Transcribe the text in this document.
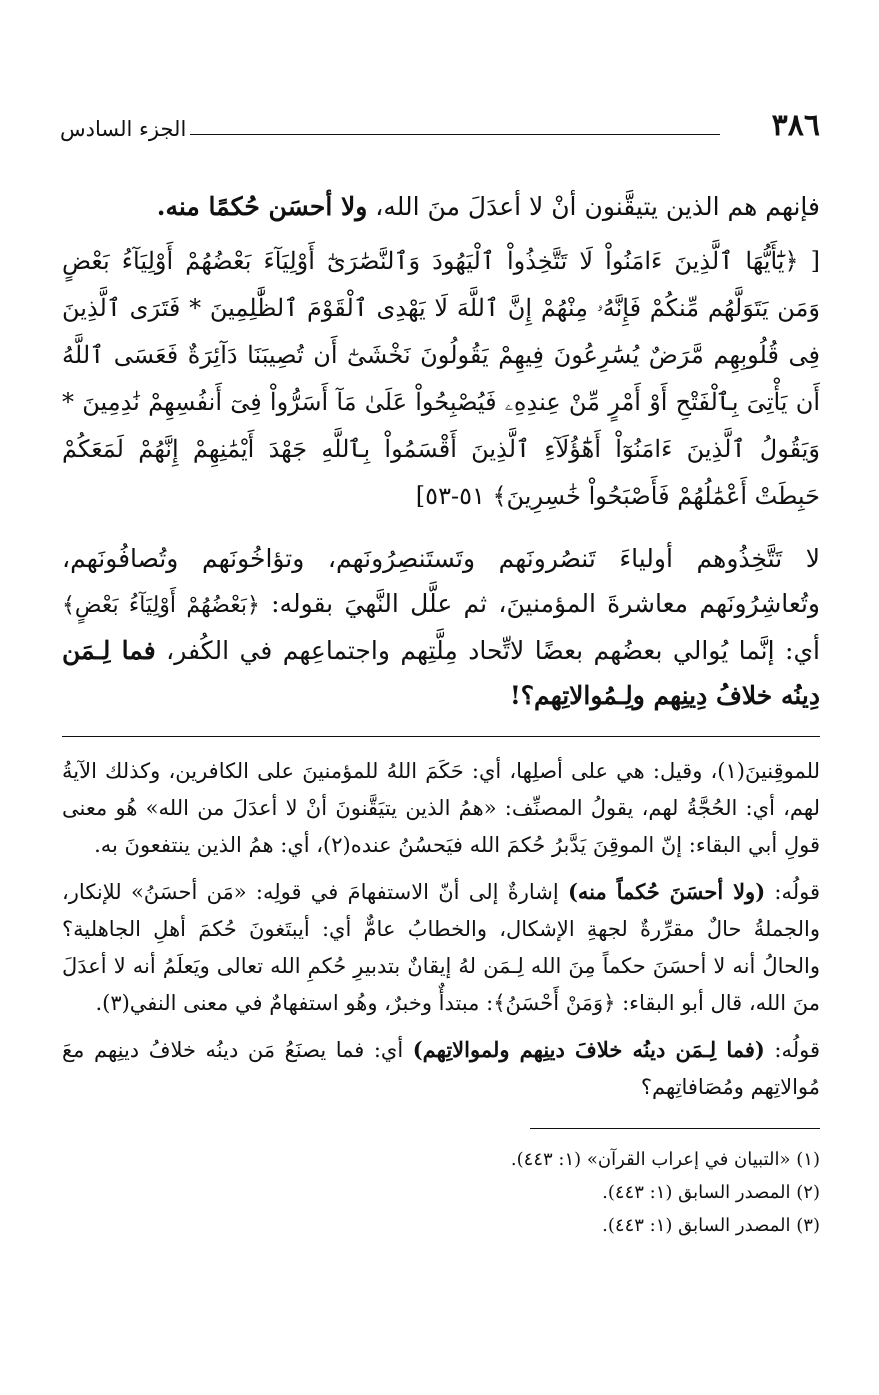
٣٨٦
الجزء السادس

فإنهم هم الذين يتيقَّنون أنْ لا أعدَلَ منَ الله، ولا أحسَن حُكمًا منه.

[ ﴿يَٰٓأَيُّهَا ٱلَّذِينَ ءَامَنُواْ لَا تَتَّخِذُواْ ٱلْيَهُودَ وَٱلنَّصَٰرَىٰٓ أَوْلِيَآءَ بَعْضُهُمْ أَوْلِيَآءُ بَعْضٍ وَمَن يَتَوَلَّهُم مِّنكُمْ فَإِنَّهُۥ مِنْهُمْ إِنَّ ٱللَّهَ لَا يَهْدِى ٱلْقَوْمَ ٱلظَّٰلِمِينَ * فَتَرَى ٱلَّذِينَ فِى قُلُوبِهِم مَّرَضٌ يُسَٰرِعُونَ فِيهِمْ يَقُولُونَ نَخْشَىٰٓ أَن تُصِيبَنَا دَآئِرَةٌ فَعَسَى ٱللَّهُ أَن يَأْتِىَ بِٱلْفَتْحِ أَوْ أَمْرٍ مِّنْ عِندِهِۦ فَيُصْبِحُواْ عَلَىٰ مَآ أَسَرُّواْ فِىٓ أَنفُسِهِمْ نَٰدِمِينَ * وَيَقُولُ ٱلَّذِينَ ءَامَنُوٓاْ أَهَٰٓؤُلَآءِ ٱلَّذِينَ أَقْسَمُواْ بِٱللَّهِ جَهْدَ أَيْمَٰنِهِمْ إِنَّهُمْ لَمَعَكُمْ حَبِطَتْ أَعْمَٰلُهُمْ فَأَصْبَحُواْ خَٰسِرِينَ﴾ ٥١-٥٣]

لا تَتَّخِذُوهم أولياءَ تَنصُرونَهم وتَستَنصِرُونَهم، وتؤاخُونَهم وتُصافُونَهم، وتُعاشِرُونَهم معاشرةَ المؤمنينَ، ثم علَّل النَّهيَ بقوله: ﴿بَعْضُهُمْ أَوْلِيَآءُ بَعْضٍ﴾ أي: إنَّما يُوالي بعضُهم بعضًا لاتِّحاد مِلَّتِهم واجتماعِهم في الكُفر، فما لِـمَن دِينُه خلافُ دِينِهم ولِـمُوالاتِهم؟!

للموقِنينَ(١)، وقيل: هي على أصلِها، أي: حَكَمَ اللهُ للمؤمنينَ على الكافرين، وكذلك الآيةُ لهم، أي: الحُجَّةُ لهم، يقولُ المصنِّف: «همُ الذين يتيَقَّنونَ أنْ لا أعدَلَ من الله» هُو معنى قولِ أبي البقاء: إنّ الموقِنَ يَدَّبرُ حُكمَ الله فيَحسُنُ عنده(٢)، أي: همُ الذين ينتفعونَ به.

قولُه: (ولا أحسَنَ حُكماً منه) إشارةٌ إلى أنّ الاستفهامَ في قولِه: «مَن أحسَنُ» للإنكار، والجملةُ حالٌ مقرِّرةٌ لجهةِ الإشكال، والخطابُ عامٌّ أي: أيبتَغونَ حُكمَ أهلِ الجاهلية؟ والحالُ أنه لا أحسَنَ حكماً مِنَ الله لِـمَن لهُ إيقانٌ بتدبيرِ حُكمِ الله تعالى ويَعلَمُ أنه لا أعدَلَ منَ الله، قال أبو البقاء: ﴿وَمَنْ أَحْسَنُ﴾: مبتدأٌ وخبرٌ، وهُو استفهامٌ في معنى النفي(٣).

قولُه: (فما لِـمَن دينُه خلافَ دينِهم ولموالاتِهم) أي: فما يصنَعُ مَن دينُه خلافُ دينِهم معَ مُوالاتِهم ومُصَافاتِهم؟

(١) «التبيان في إعراب القرآن» (١: ٤٤٣).
(٢) المصدر السابق (١: ٤٤٣).
(٣) المصدر السابق (١: ٤٤٣).
